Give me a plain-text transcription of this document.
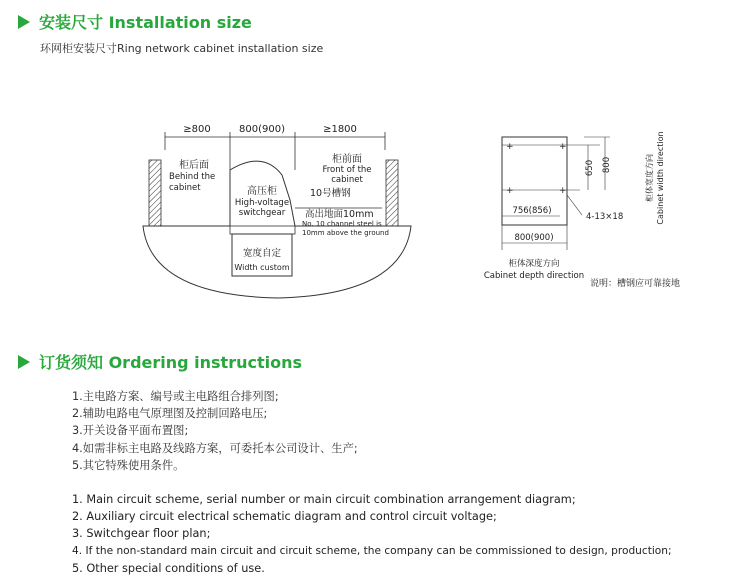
安装尺寸 Installation size
环网柜安装尺寸Ring network cabinet installation size
≥800	800(900)	≥1800
柜后面
Behind the
cabinet	高压柜
High-voltage
switchgear
柜前面
Front of the
cabinet
10号槽钢
高出地面10mm
No. 10 channel steel is
10mm above the ground
宽度自定
Width custom
+	+
+	+
650 800
756(856)
800(900)
4-13×18
柜体宽度方向 Cabinet width direction
柜体深度方向
Cabinet depth direction
说明：槽钢应可靠接地
订货须知 Ordering instructions
1.主电路方案、编号或主电路组合排列图;
2.辅助电路电气原理图及控制回路电压;
3.开关设备平面布置图;
4.如需非标主电路及线路方案，可委托本公司设计、生产;
5.其它特殊使用条件。
1. Main circuit scheme, serial number or main circuit combination arrangement diagram;
2. Auxiliary circuit electrical schematic diagram and control circuit voltage;
3. Switchgear floor plan;
4. If the non-standard main circuit and circuit scheme, the company can be commissioned to design, production;
5. Other special conditions of use.
